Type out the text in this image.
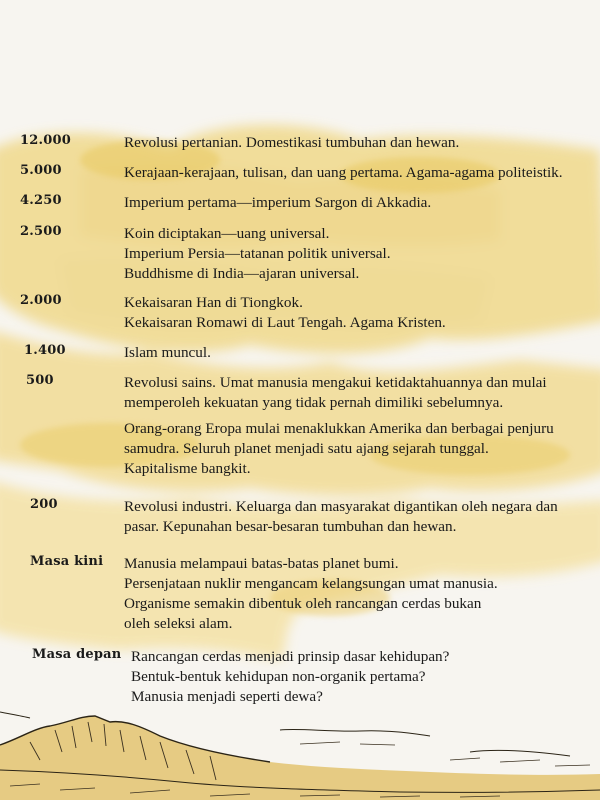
12.000	Revolusi pertanian. Domestikasi tumbuhan dan hewan.
5.000	Kerajaan-kerajaan, tulisan, dan uang pertama. Agama-agama politeistik.
4.250	Imperium pertama—imperium Sargon di Akkadia.
2.500	Koin diciptakan—uang universal.
Imperium Persia—tatanan politik universal.
Buddhisme di India—ajaran universal.
2.000	Kekaisaran Han di Tiongkok.
Kekaisaran Romawi di Laut Tengah. Agama Kristen.
1.400	Islam muncul.
500	Revolusi sains. Umat manusia mengakui ketidaktahuannya dan mulai
memperoleh kekuatan yang tidak pernah dimiliki sebelumnya.
Orang-orang Eropa mulai menaklukkan Amerika dan berbagai penjuru
samudra. Seluruh planet menjadi satu ajang sejarah tunggal.
Kapitalisme bangkit.
200	Revolusi industri. Keluarga dan masyarakat digantikan oleh negara dan
pasar. Kepunahan besar-besaran tumbuhan dan hewan.
Masa kini Manusia melampaui batas-batas planet bumi.
Persenjataan nuklir mengancam kelangsungan umat manusia.
Organisme semakin dibentuk oleh rancangan cerdas bukan
oleh seleksi alam.
Masa depan Rancangan cerdas menjadi prinsip dasar kehidupan?
Bentuk-bentuk kehidupan non-organik pertama?
Manusia menjadi seperti dewa?
